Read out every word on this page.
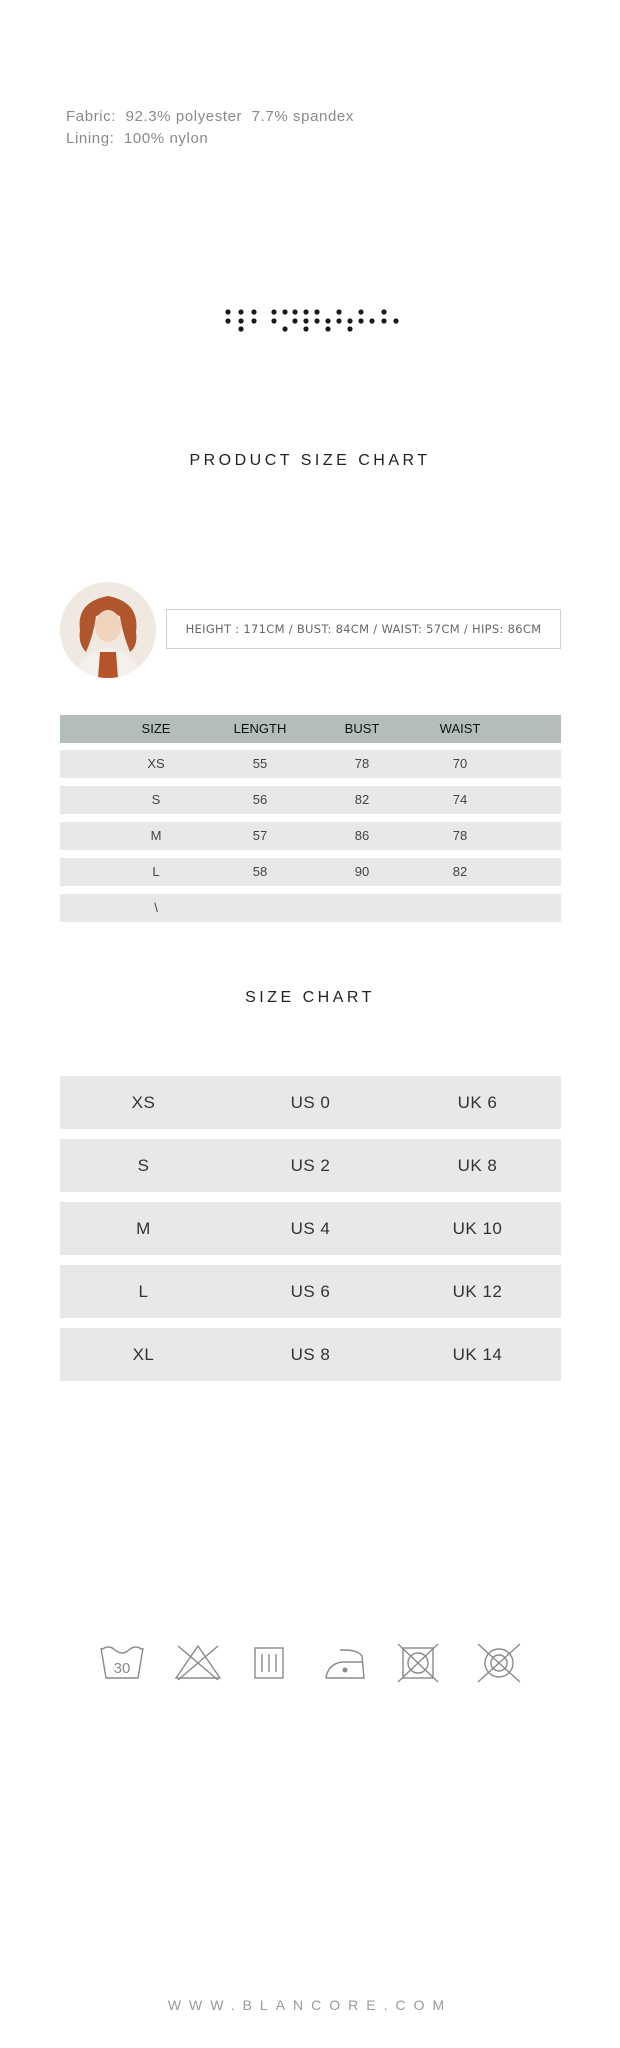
Fabric:  92.3% polyester  7.7% spandex
Lining:  100% nylon
PRODUCT SIZE CHART
HEIGHT : 171CM / BUST: 84CM / WAIST: 57CM / HIPS: 86CM
SIZE	LENGTH	BUST	WAIST
XS	55	78	70
S	56	82	74
M	57	86	78
L	58	90	82
\
SIZE CHART
XS	US 0	UK 6
S	US 2	UK 8
M	US 4	UK 10
L	US 6	UK 12
XL	US 8	UK 14
30
WWW.BLANCORE.COM
